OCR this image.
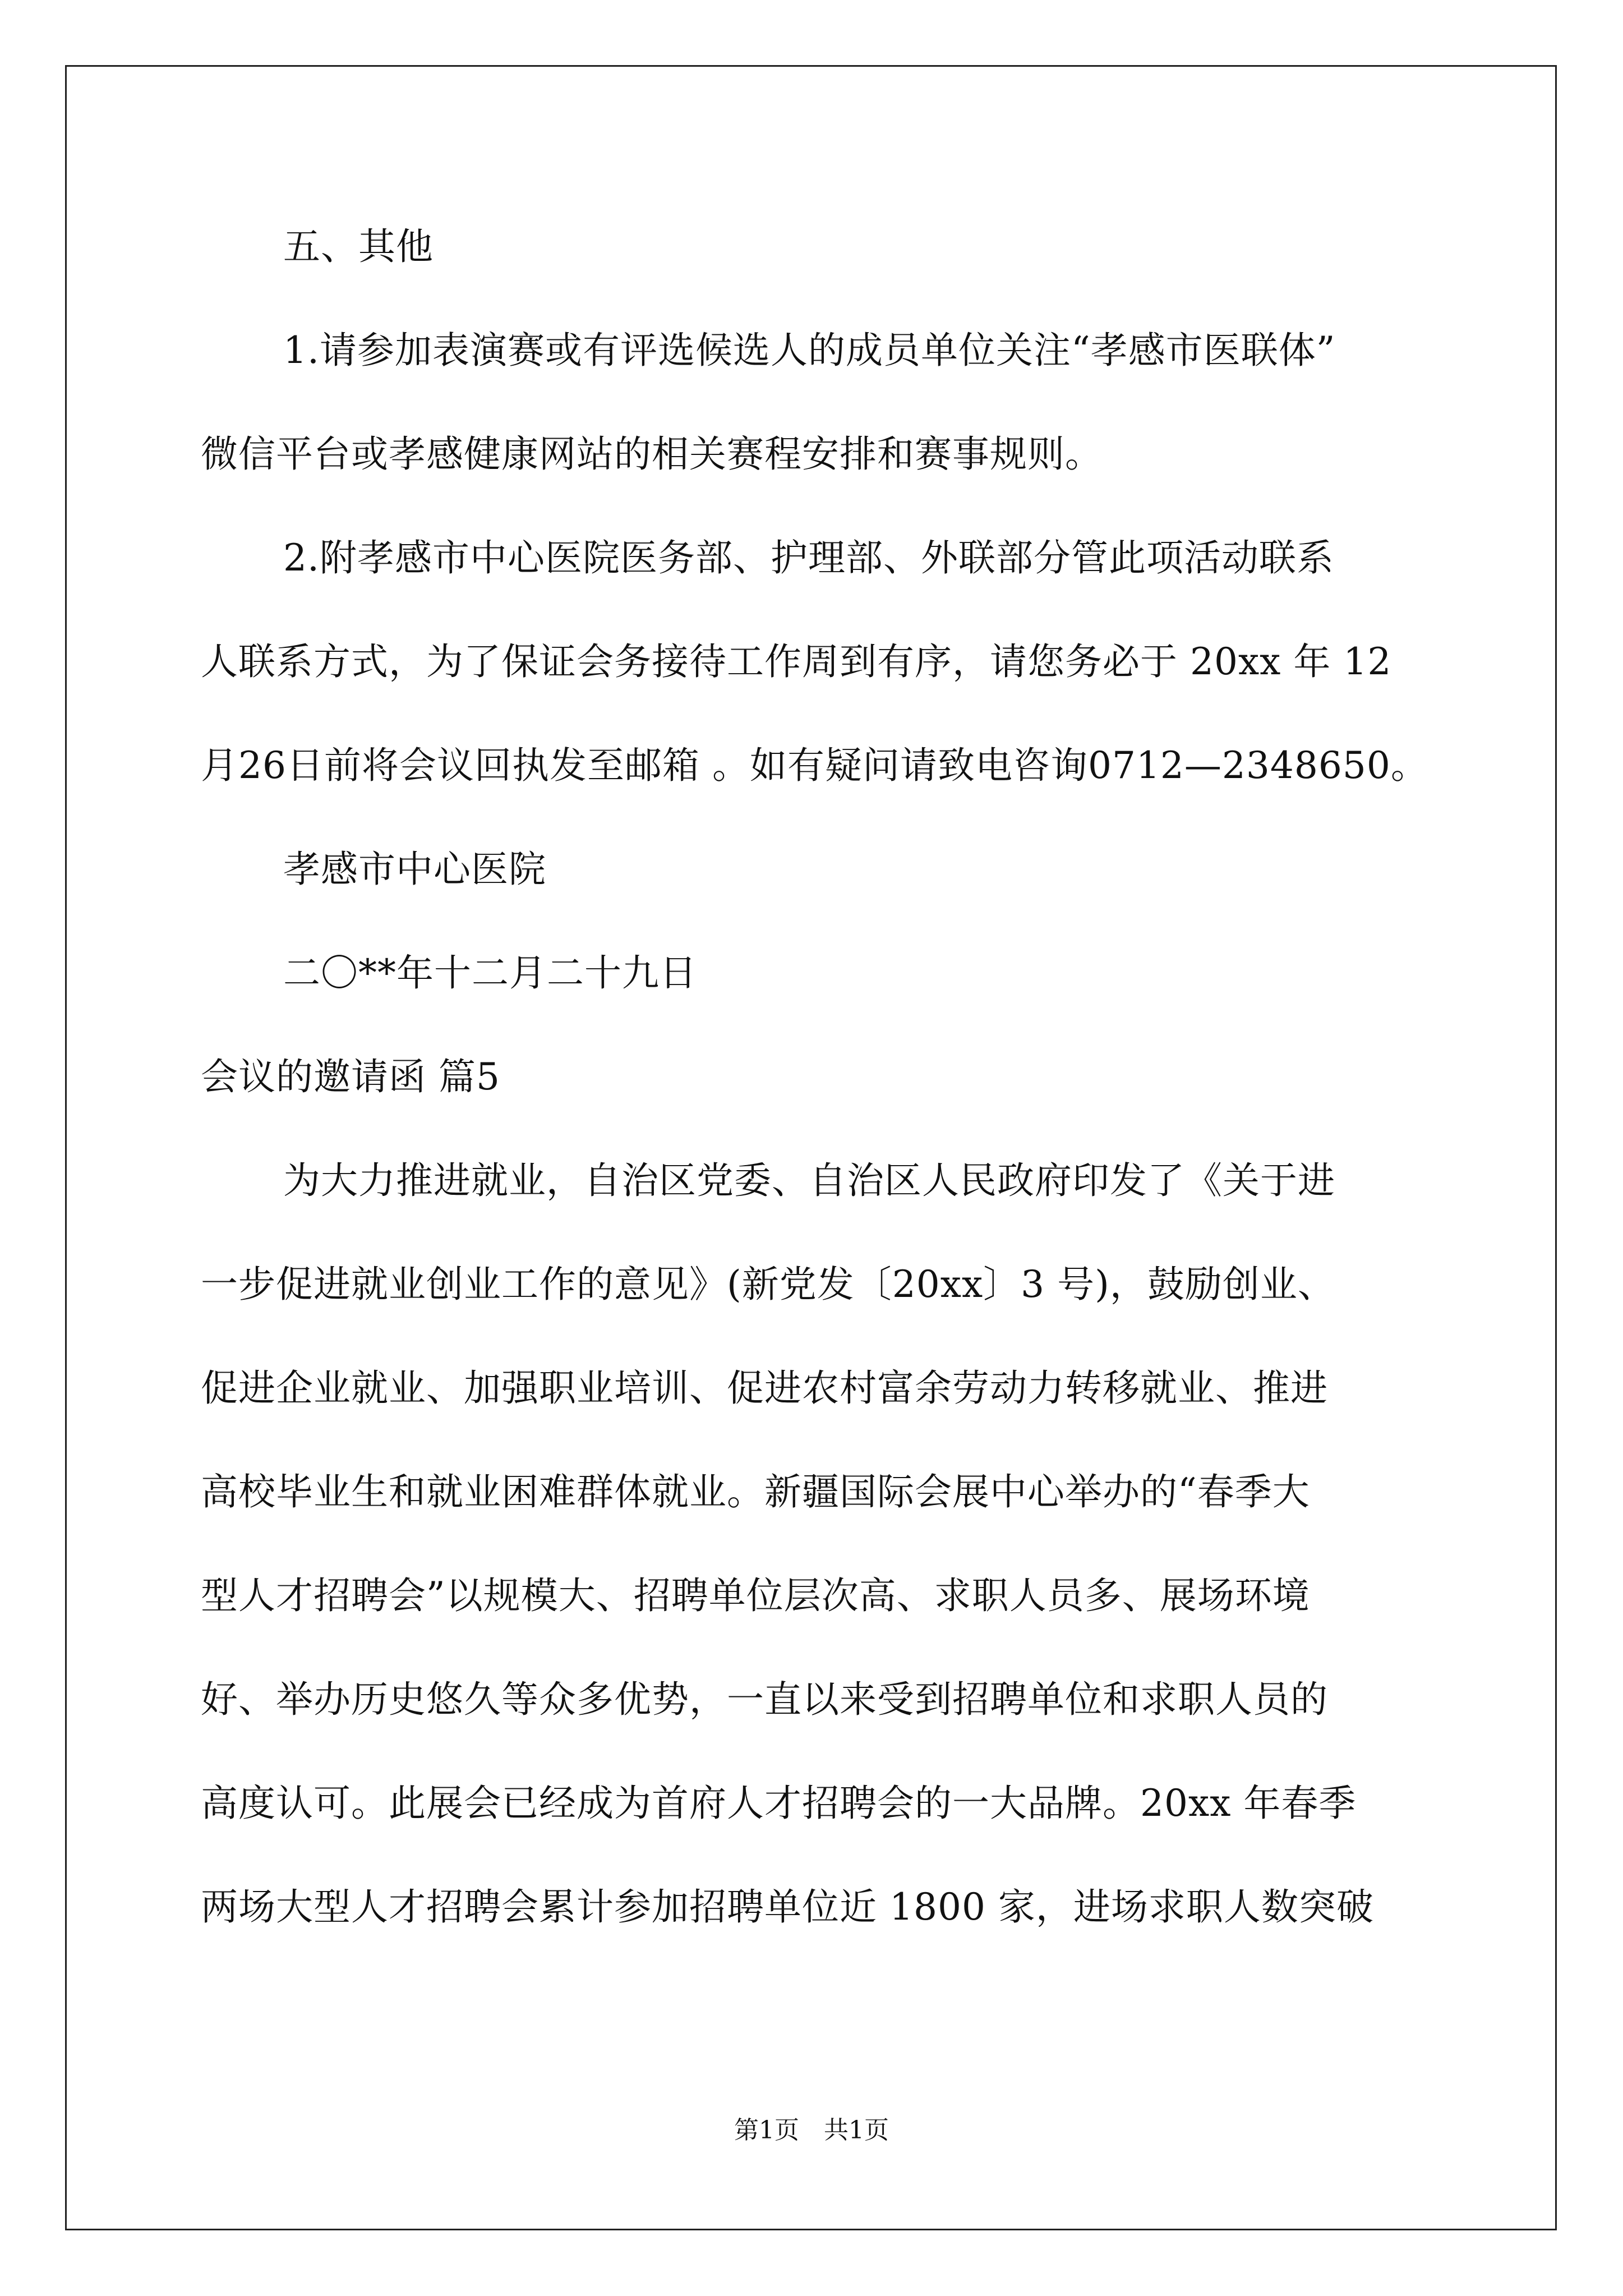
五、其他
1.请参加表演赛或有评选候选人的成员单位关注“孝感市医联体”
微信平台或孝感健康网站的相关赛程安排和赛事规则。
2.附孝感市中心医院医务部、护理部、外联部分管此项活动联系
人联系方式，为了保证会务接待工作周到有序，请您务必于 20xx 年 12
月26日前将会议回执发至邮箱 。如有疑问请致电咨询0712—2348650。
孝感市中心医院
二〇**年十二月二十九日
会议的邀请函 篇5
为大力推进就业，自治区党委、自治区人民政府印发了《关于进
一步促进就业创业工作的意见》(新党发〔20xx〕3 号)，鼓励创业、
促进企业就业、加强职业培训、促进农村富余劳动力转移就业、推进
高校毕业生和就业困难群体就业。新疆国际会展中心举办的“春季大
型人才招聘会”以规模大、招聘单位层次高、求职人员多、展场环境
好、举办历史悠久等众多优势，一直以来受到招聘单位和求职人员的
高度认可。此展会已经成为首府人才招聘会的一大品牌。20xx 年春季
两场大型人才招聘会累计参加招聘单位近 1800 家，进场求职人数突破
第1页　共1页
